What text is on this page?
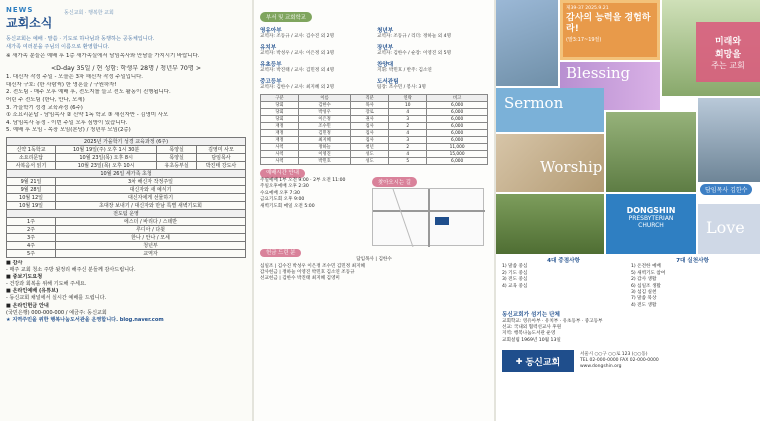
NEWS
교회소식
동신교회 · 행복한 교회
동신교회는 예배 · 말씀 · 기도로 하나님과 동행하는 공동체입니다.
새가족 여러분을 주님의 이름으로 환영합니다.
※ 새가족 분들은 예배 후 1층 새가족실에서 담임목사와 만남을 가지시기 바랍니다.
<D-day 35일 / 현 성함: 학생부 28명 / 청년부 70명 >
1. 대신자 작정 주일 - 오늘은 3차 해신자 작정 주일입니다.
대신자 구호: (한 사람씩) 한 영혼을 / 구원하자!
2. 전도팀 - 매주 오후 예배 후, 전도지를 들고 전도 활동이 진행됩니다.
어린 주 전도팀 (한나, 안나, 모세)
3. 가을학기 성경 교육과정 (6주)
① 소요리문답 - 담임목사 ② 신약 1독 학교 ③ 새신자반 - 김영미 사모
4. 담임목사 동정 - 이번 주일 오후 심방이 있습니다.
5. 예배 후 모임 - 목장 모임(본당) / 청년부 모임(2층)
2025년 가을학기 성경 교육과정 (6주)			
신약 1독학교	10월 19일(주) 오후 1시 30분	목양실	김영미 사모
소요리문답	10월 23일(목) 오후 8시	목양실	담임목사
사복음서 읽기	10월 23일(목) 오후 10시	유초등부실	박진태 강도사
10월 26일 세가족 초청			
9월 21일	3차 해신자 작정주일		
9월 28일	대신자와 새 예식기		
10월 12일	대신자에게 선물하기		
10월 19일	초대장 보내기 / 대신자와 만남 특별 새벽기도회		
전도팀 운영			
1주	에스더 / 바리다 / 스데반		
2주	루디아 / 다윗		
3주	한나 / 안나 / 모세		
4주	청년부		
5주	교역자		
■ 감사
- 매주 교회 청소 주방 뒷정리 해주신 분들께 감사드립니다.
■ 중보기도요청
- 건강과 회복을 위해 기도해 주세요.
■ 온라인예배 (유튜브)
- 동신교회 채널에서 실시간 예배를 드립니다.
■ 온라인헌금 안내
(국민은행) 000-000-000 / 예금주: 동신교회
★ 지역주민을 위한 행복나눔도서관을 운영합니다. blog.naver.com
부서 및 교회학교
영유아부
교역자: 조동규 / 교사: 김수진 외 2명
유치부
교역자: 박성우 / 교사: 이은정 외 3명
유초등부
교역자: 박진태 / 교사: 김민정 외 4명
중고등부
교역자: 김한수 / 교사: 최지혜 외 2명
청년부
교역자: 조동규 / 리더: 정하늘 외 4명
장년부
교역자: 김한수 / 순장: 이영진 외 5명
찬양대
지휘: 박민호 / 반주: 김소연
도서관팀
팀장: 조수민 / 봉사: 3명
구분	이름	직분	연락	비고
당회	김한수	목사	10	6,000
당회	박성우	장로	4	6,000
당회	이은정	권사	3	6,000
재정	조수민	집사	2	6,000
재정	김민정	집사	4	6,000
재정	최지혜	집사	3	6,000
사역	정하늘	청년	2	11,000
사역	이영진	성도	4	15,000
사역	박민호	성도	5	6,000
예배시간 안내
주일예배 1부 오전 9:00 · 2부 오전 11:00
주일오후예배 오후 2:30
수요예배 오후 7:30
금요기도회 오후 9:00
새벽기도회 매일 오전 5:00
찾아오시는 길
헌금 드린 분
담임목사 | 김한수
십일조 | 김수진 박성우 이은정 조수민 김민정 최지혜
감사헌금 | 정하늘 이영진 박민호 김소연 조동규
선교헌금 | 김한수 박진태 최지혜 김영미
제39-37 2025.9.21
감사의 능력을 경험하라!
(말3:17~19절)	미래와
희망을
주는 교회
Blessing
Sermon
Worship
담임목사 김한수
DONGSHIN
PRESBYTERIAN
CHURCH	Love
4대 중점사항
1) 말씀 중심
2) 기도 중심
3) 전도 중심
4) 교육 중심
7대 실천사항
1) 온전한 예배
5) 새벽기도 참여
2) 감사 생활
6) 십일조 생활
3) 섬김 실천
7) 말씀 묵상
4) 전도 생활
동신교회가 섬기는 단체
교회학교: 영유아부 · 유치부 · 유초등부 · 중고등부
선교: 국내외 협력선교사 후원
지역: 행복나눔도서관 운영
교회설립 1969년 10월 13일
✚ 동신교회
서울시 ○○구 ○○로 123 (○○동)
TEL 02-000-0000 FAX 02-000-0000
www.dongshin.org
